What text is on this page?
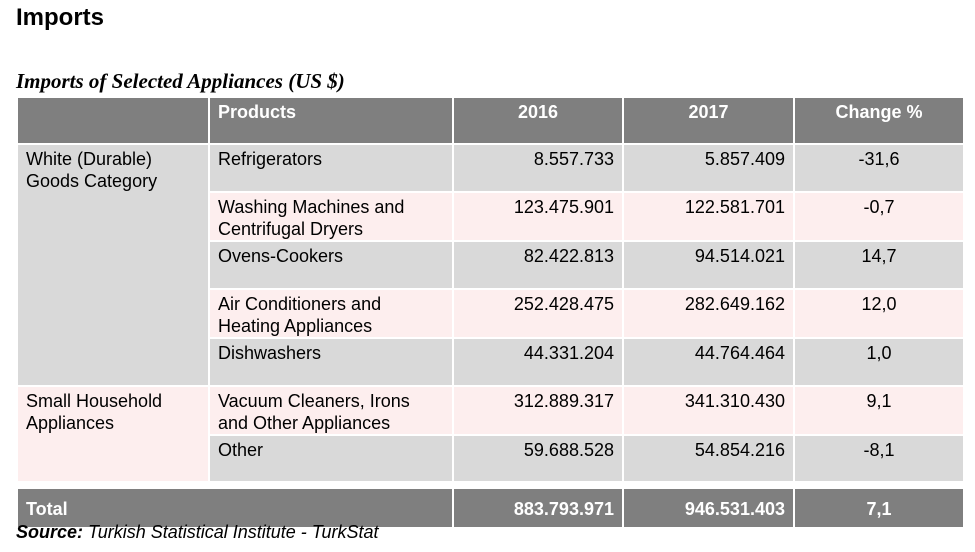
Imports
Imports of Selected Appliances (US $)
	Products	2016	2017	Change %
White (Durable) Goods Category	Refrigerators	8.557.733	5.857.409	-31,6
	Washing Machines and Centrifugal Dryers	123.475.901	122.581.701	-0,7
	Ovens-Cookers	82.422.813	94.514.021	14,7
	Air Conditioners and Heating Appliances	252.428.475	282.649.162	12,0
	Dishwashers	44.331.204	44.764.464	1,0
Small Household Appliances	Vacuum Cleaners, Irons and Other Appliances	312.889.317	341.310.430	9,1
	Other	59.688.528	54.854.216	-8,1

Total		883.793.971	946.531.403	7,1
Source: Turkish Statistical Institute - TurkStat
